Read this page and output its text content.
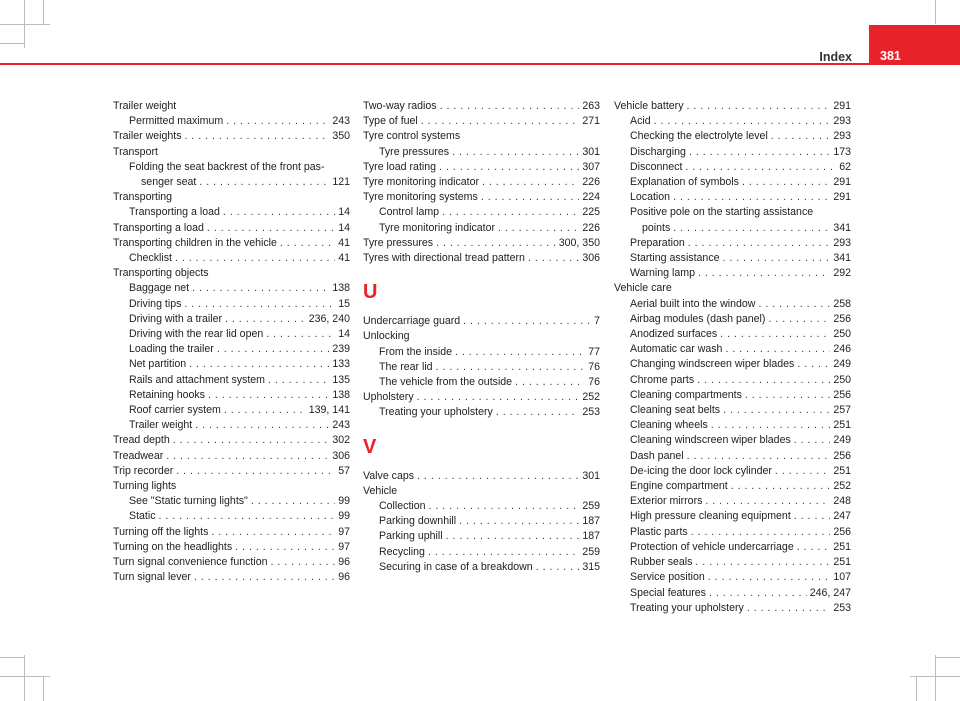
Index 381
Trailer weight
Permitted maximum . . .	243
Trailer weights . . .	350
Transport
Folding the seat backrest of the front pas-
senger seat . . .	121
Transporting
Transporting a load . . .	14
Transporting a load . . .	14
Transporting children in the vehicle . . .	41
Checklist . . .	41
Transporting objects
Baggage net . . .	138
Driving tips . . .	15
Driving with a trailer . . .	236, 240
Driving with the rear lid open . . .	14
Loading the trailer . . .	239
Net partition . . .	133
Rails and attachment system . . .	135
Retaining hooks . . .	138
Roof carrier system . . .	139, 141
Trailer weight . . .	243
Tread depth . . .	302
Treadwear . . .	306
Trip recorder . . .	57
Turning lights
See "Static turning lights" . . .	99
Static . . .	99
Turning off the lights . . .	97
Turning on the headlights . . .	97
Turn signal convenience function . . .	96
Turn signal lever . . .	96
Two-way radios . . .	263
Type of fuel . . .	271
Tyre control systems
Tyre pressures . . .	301
Tyre load rating . . .	307
Tyre monitoring indicator . . .	226
Tyre monitoring systems . . .	224
Control lamp . . .	225
Tyre monitoring indicator . . .	226
Tyre pressures . . .	300, 350
Tyres with directional tread pattern . . .	306
U
Undercarriage guard . . .	7
Unlocking
From the inside . . .	77
The rear lid . . .	76
The vehicle from the outside . . .	76
Upholstery . . .	252
Treating your upholstery . . .	253
V
Valve caps . . .	301
Vehicle
Collection . . .	259
Parking downhill . . .	187
Parking uphill . . .	187
Recycling . . .	259
Securing in case of a breakdown . . .	315
Vehicle battery . . .	291
Acid . . .	293
Checking the electrolyte level . . .	293
Discharging . . .	173
Disconnect . . .	62
Explanation of symbols . . .	291
Location . . .	291
Positive pole on the starting assistance
points . . .	341
Preparation . . .	293
Starting assistance . . .	341
Warning lamp . . .	292
Vehicle care
Aerial built into the window . . .	258
Airbag modules (dash panel) . . .	256
Anodized surfaces . . .	250
Automatic car wash . . .	246
Changing windscreen wiper blades . . .	249
Chrome parts . . .	250
Cleaning compartments . . .	256
Cleaning seat belts . . .	257
Cleaning wheels . . .	251
Cleaning windscreen wiper blades . . .	249
Dash panel . . .	256
De-icing the door lock cylinder . . .	251
Engine compartment . . .	252
Exterior mirrors . . .	248
High pressure cleaning equipment . . .	247
Plastic parts . . .	256
Protection of vehicle undercarriage . . .	251
Rubber seals . . .	251
Service position . . .	107
Special features . . .	246, 247
Treating your upholstery . . .	253
